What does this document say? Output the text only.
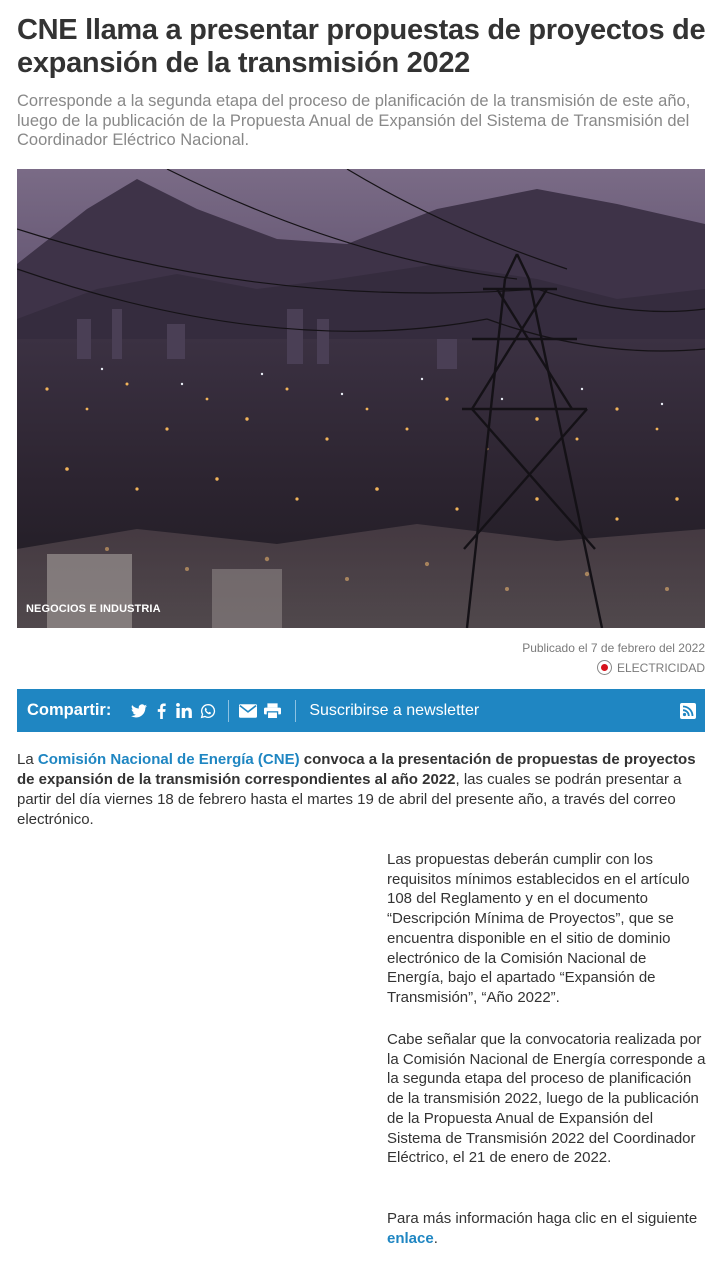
CNE llama a presentar propuestas de proyectos de expansión de la transmisión 2022

Corresponde a la segunda etapa del proceso de planificación de la transmisión de este año, luego de la publicación de la Propuesta Anual de Expansión del Sistema de Transmisión del Coordinador Eléctrico Nacional.

NEGOCIOS E INDUSTRIA
Publicado el 7 de febrero del 2022
ELECTRICIDAD
Compartir:	Suscribirse a newsletter

La Comisión Nacional de Energía (CNE) convoca a la presentación de propuestas de proyectos de expansión de la transmisión correspondientes al año 2022, las cuales se podrán presentar a partir del día viernes 18 de febrero hasta el martes 19 de abril del presente año, a través del correo electrónico.

Las propuestas deberán cumplir con los requisitos mínimos establecidos en el artículo 108 del Reglamento y en el documento “Descripción Mínima de Proyectos”, que se encuentra disponible en el sitio de dominio electrónico de la Comisión Nacional de Energía, bajo el apartado “Expansión de Transmisión”, “Año 2022”.

Cabe señalar que la convocatoria realizada por la Comisión Nacional de Energía corresponde a la segunda etapa del proceso de planificación de la transmisión 2022, luego de la publicación de la Propuesta Anual de Expansión del Sistema de Transmisión 2022 del Coordinador Eléctrico, el 21 de enero de 2022.

Para más información haga clic en el siguiente enlace.
